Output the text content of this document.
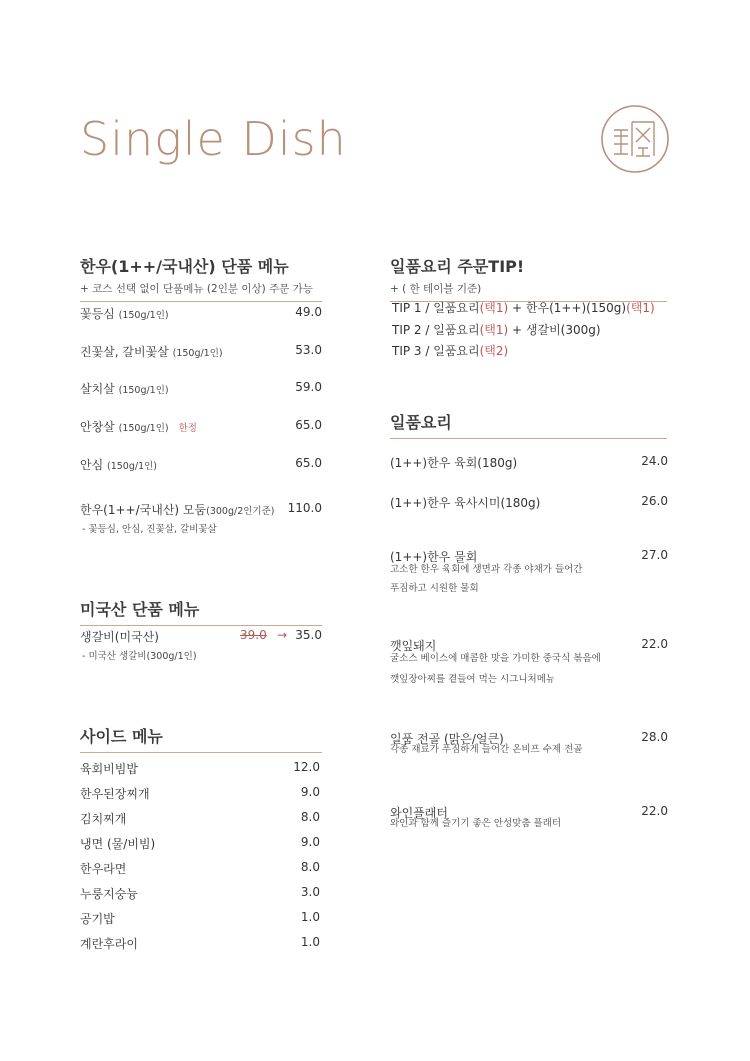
Single Dish
한우(1++/국내산) 단품 메뉴
+ 코스 선택 없이 단품메뉴 (2인분 이상) 주문 가능
꽃등심 (150g/1인)	49.0
진꽃살, 갈비꽃살 (150g/1인)	53.0
살치살 (150g/1인)	59.0
안창살 (150g/1인) 한정	65.0
안심 (150g/1인)	65.0
한우(1++/국내산) 모둠(300g/2인기준) 110.0
- 꽃등심, 안심, 진꽃살, 갈비꽃살
미국산 단품 메뉴
생갈비(미국산)	39.0 → 35.0
- 미국산 생갈비(300g/1인)
사이드 메뉴
육회비빔밥	12.0
한우된장찌개	9.0
김치찌개	8.0
냉면 (물/비빔)	9.0
한우라면	8.0
누룽지숭늉	3.0
공기밥	1.0
계란후라이	1.0
일품요리 주문TIP!
+ ( 한 테이블 기준)
TIP 1 / 일품요리(택1) + 한우(1++)(150g)(택1)
TIP 2 / 일품요리(택1) + 생갈비(300g)
TIP 3 / 일품요리(택2)
일품요리
(1++)한우 육회(180g)	24.0
(1++)한우 육사시미(180g)	26.0
(1++)한우 물회	27.0
고소한 한우 육회에 생면과 각종 야채가 들어간
푸짐하고 시원한 물회
깻잎돼지	22.0
굴소스 베이스에 매콤한 맛을 가미한 중국식 볶음에
깻잎장아찌를 곁들여 먹는 시그니처메뉴
일품 전골 (맑은/얼큰)	28.0
각종 재료가 푸짐하게 들어간 온비프 수제 전골
와인플래터	22.0
와인과 함께 즐기기 좋은 안성맞춤 플래터
